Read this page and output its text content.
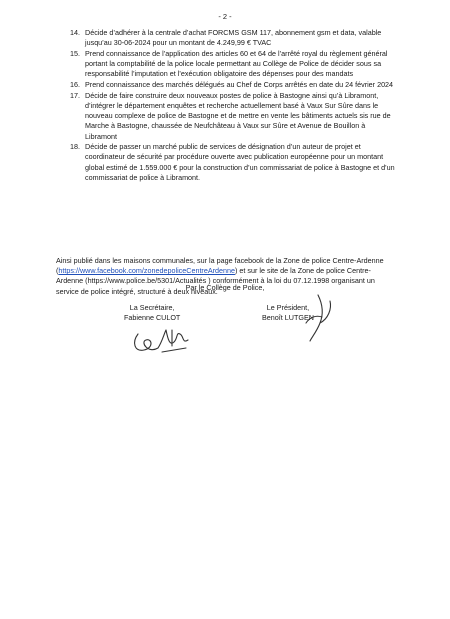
- 2 -
14. Décide d’adhérer à la centrale d’achat FORCMS GSM 117, abonnement gsm et data, valable jusqu’au 30-06-2024 pour un montant de 4.249,99 € TVAC
15. Prend connaissance de l’application des articles 60 et 64 de l’arrêté royal du règlement général portant la comptabilité de la police locale permettant au Collège de Police de décider sous sa responsabilité l’imputation et l’exécution obligatoire des dépenses pour des mandats
16. Prend connaissance des marchés délégués au Chef de Corps arrêtés en date du 24 février 2024
17. Décide de faire construire deux nouveaux postes de police à Bastogne ainsi qu’à Libramont, d’intégrer le département enquêtes et recherche actuellement basé à Vaux Sur Sûre dans le nouveau complexe de police de Bastogne et de mettre en vente les bâtiments actuels sis rue de Marche à Bastogne, chaussée de Neufchâteau à Vaux sur Sûre et Avenue de Bouillon à Libramont
18. Décide de passer un marché public de services de désignation d’un auteur de projet et coordinateur de sécurité par procédure ouverte avec publication européenne pour un montant global estimé de 1.559.000 € pour la construction d’un commissariat de police à Bastogne et d’un commissariat de police à Libramont.
Ainsi publié dans les maisons communales, sur la page facebook de la Zone de police Centre-Ardenne (https://www.facebook.com/zonedepoliceCentreArdenne) et sur le site de la Zone de police Centre-Ardenne (https://www.police.be/5301/Actualités ) conformément à la loi du 07.12.1998 organisant un service de police intégré, structuré à deux niveaux.
Par le Collège de Police,
La Secrétaire,
Fabienne CULOT
Le Président,
Benoît LUTGEN
